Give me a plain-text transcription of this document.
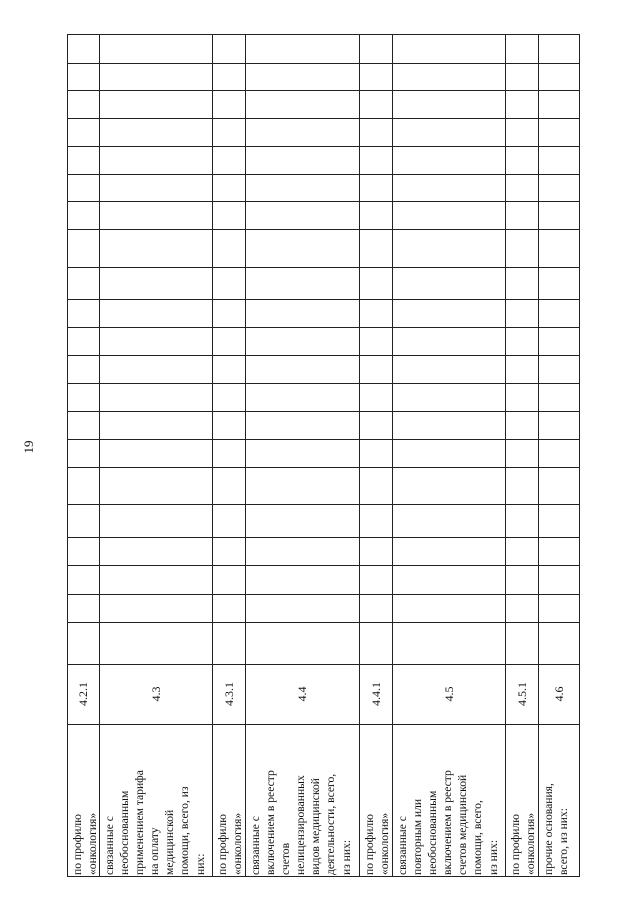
19
по профилю «онкология»
4.2.1
связанные с необоснованным применением тарифа на оплату медицинской помощи, всего, из них:
4.3
по профилю «онкология»
4.3.1
связанные с включением в реестр счетов нелицензированных видов медицинской деятельности, всего, из них:
4.4
по профилю «онкология»
4.4.1
связанные с повторным или необоснованным включением в реестр счетов медицинской помощи, всего, из них:
4.5
по профилю «онкология»
4.5.1
прочие основания, всего, из них:
4.6
